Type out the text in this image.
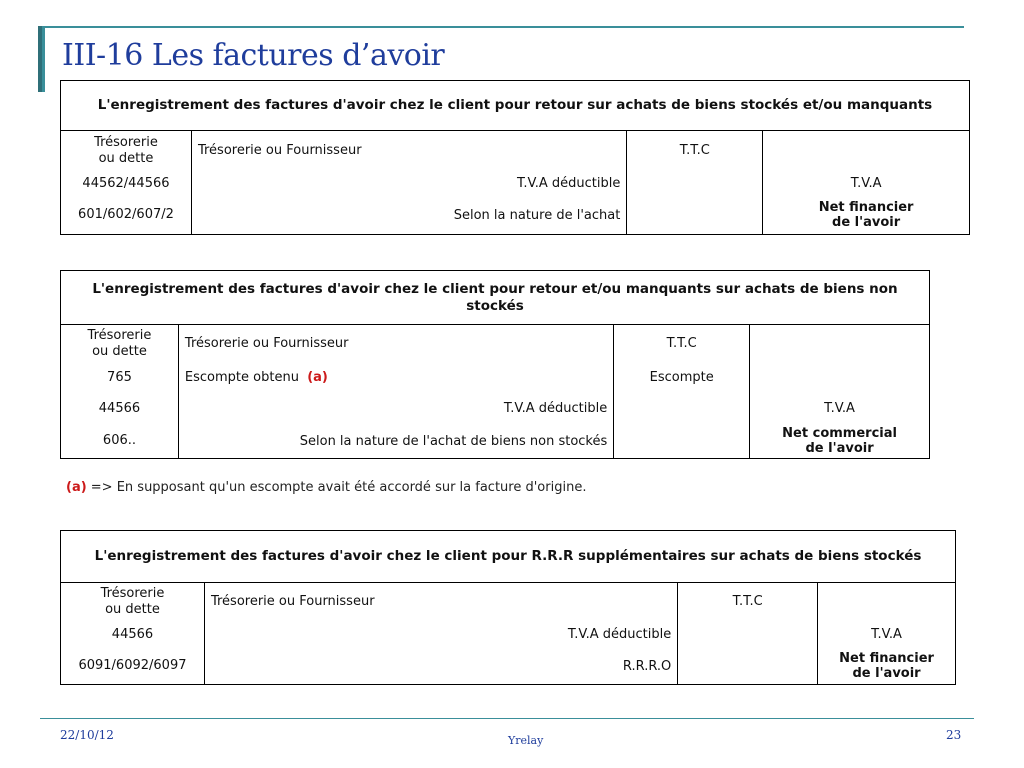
III-16 Les factures d’avoir
L'enregistrement des factures d'avoir chez le client pour retour sur achats de biens stockés et/ou manquants			
Trésorerie
ou dette	Trésorerie ou Fournisseur	T.T.C	
44562/44566	T.V.A déductible		T.V.A
601/602/607/2	Selon la nature de l'achat		Net financier
de l'avoir
L'enregistrement des factures d'avoir chez le client pour retour et/ou manquants sur achats de biens non stockés			
Trésorerie
ou dette	Trésorerie ou Fournisseur	T.T.C	
765	Escompte obtenu (a)	Escompte	
44566	T.V.A déductible		T.V.A
606..	Selon la nature de l'achat de biens non stockés		Net commercial
de l'avoir
(a) => En supposant qu'un escompte avait été accordé sur la facture d'origine.
L'enregistrement des factures d'avoir chez le client pour R.R.R supplémentaires sur achats de biens stockés			
Trésorerie
ou dette	Trésorerie ou Fournisseur	T.T.C	
44566	T.V.A déductible		T.V.A
6091/6092/6097	R.R.R.O		Net financier
de l'avoir
22/10/12	Yrelay	23
